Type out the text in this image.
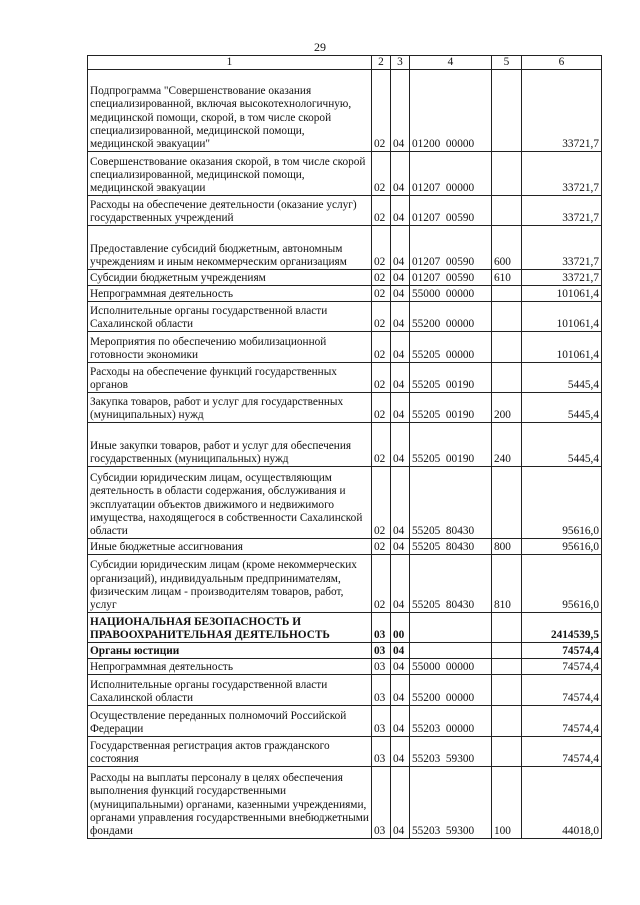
29
1	2	3	4	5	6
Подпрограмма "Совершенствование оказания специализированной, включая высокотехнологичную, медицинской помощи, скорой, в том числе скорой специализированной, медицинской помощи, медицинской эвакуации"	02	04	01200  00000		33721,7
Совершенствование оказания скорой, в том числе скорой специализированной, медицинской помощи, медицинской эвакуации	02	04	01207  00000		33721,7
Расходы на обеспечение деятельности (оказание услуг) государственных учреждений	02	04	01207  00590		33721,7
Предоставление субсидий бюджетным, автономным учреждениям и иным некоммерческим организациям	02	04	01207  00590	600	33721,7
Субсидии бюджетным учреждениям	02	04	01207  00590	610	33721,7
Непрограммная деятельность	02	04	55000  00000		101061,4
Исполнительные органы государственной власти Сахалинской области	02	04	55200  00000		101061,4
Мероприятия по обеспечению мобилизационной готовности экономики	02	04	55205  00000		101061,4
Расходы на обеспечение функций государственных органов	02	04	55205  00190		5445,4
Закупка товаров, работ и услуг для государственных (муниципальных) нужд	02	04	55205  00190	200	5445,4
Иные закупки товаров, работ и услуг для обеспечения государственных (муниципальных) нужд	02	04	55205  00190	240	5445,4
Субсидии юридическим лицам, осуществляющим деятельность в области содержания, обслуживания и эксплуатации объектов движимого и недвижимого имущества, находящегося в собственности Сахалинской области	02	04	55205  80430		95616,0
Иные бюджетные ассигнования	02	04	55205  80430	800	95616,0
Субсидии юридическим лицам (кроме некоммерческих организаций), индивидуальным предпринимателям, физическим лицам - производителям товаров, работ, услуг	02	04	55205  80430	810	95616,0
НАЦИОНАЛЬНАЯ БЕЗОПАСНОСТЬ И ПРАВООХРАНИТЕЛЬНАЯ ДЕЯТЕЛЬНОСТЬ	03	00			2414539,5
Органы юстиции	03	04			74574,4
Непрограммная деятельность	03	04	55000  00000		74574,4
Исполнительные органы государственной власти Сахалинской области	03	04	55200  00000		74574,4
Осуществление переданных полномочий Российской Федерации	03	04	55203  00000		74574,4
Государственная регистрация актов гражданского состояния	03	04	55203  59300		74574,4
Расходы на выплаты персоналу в целях обеспечения выполнения функций государственными (муниципальными) органами, казенными учреждениями, органами управления государственными внебюджетными фондами	03	04	55203  59300	100	44018,0
